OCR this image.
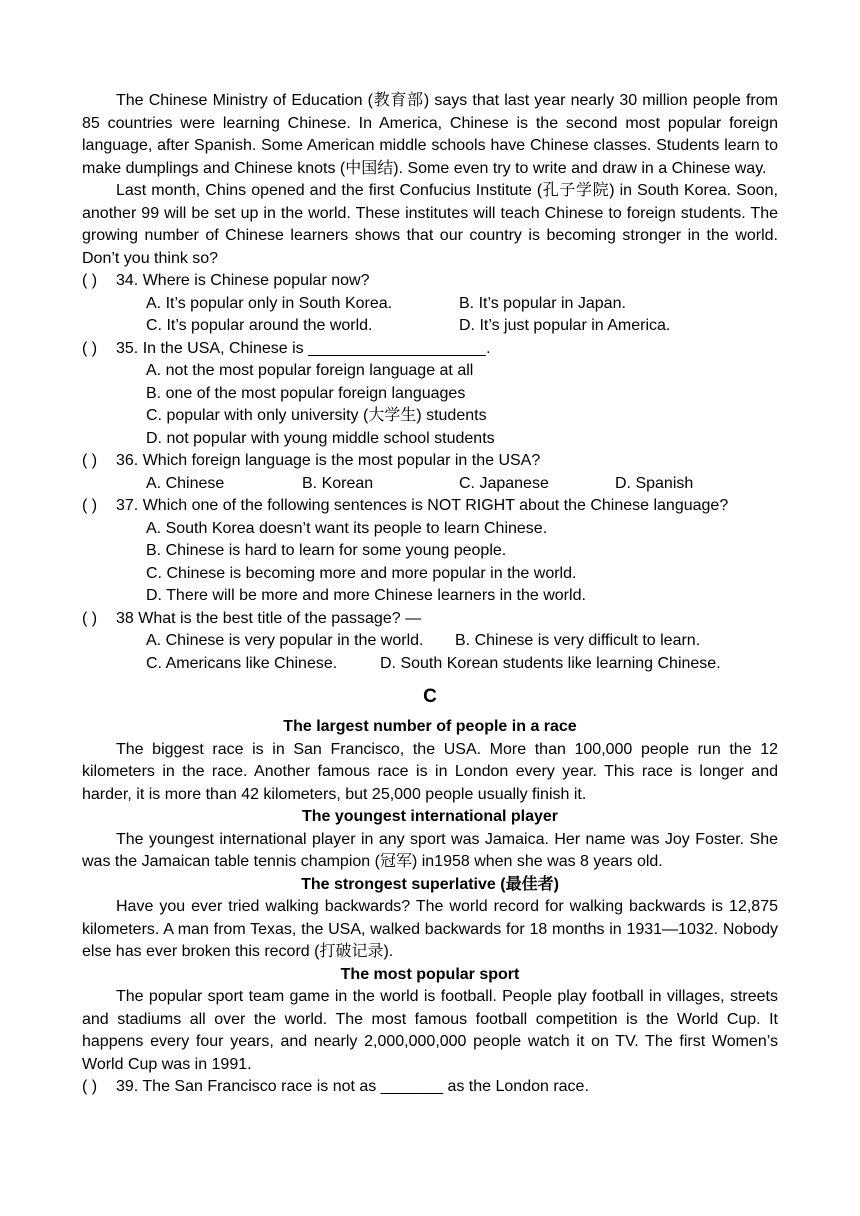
The Chinese Ministry of Education (教育部) says that last year nearly 30 million people from 85 countries were learning Chinese. In America, Chinese is the second most popular foreign language, after Spanish. Some American middle schools have Chinese classes. Students learn to make dumplings and Chinese knots (中国结). Some even try to write and draw in a Chinese way.

Last month, Chins opened and the first Confucius Institute (孔子学院) in South Korea. Soon, another 99 will be set up in the world. These institutes will teach Chinese to foreign students. The growing number of Chinese learners shows that our country is becoming stronger in the world. Don’t you think so?

( ) 34. Where is Chinese popular now?
A. It’s popular only in South Korea.	B. It’s popular in Japan.
C. It’s popular around the world.	D. It’s just popular in America.
( ) 35. In the USA, Chinese is ____________________.
A. not the most popular foreign language at all
B. one of the most popular foreign languages
C. popular with only university (大学生) students
D. not popular with young middle school students
( ) 36. Which foreign language is the most popular in the USA?
A. Chinese	B. Korean	C. Japanese	D. Spanish
( ) 37. Which one of the following sentences is NOT RIGHT about the Chinese language?
A. South Korea doesn’t want its people to learn Chinese.
B. Chinese is hard to learn for some young people.
C. Chinese is becoming more and more popular in the world.
D. There will be more and more Chinese learners in the world.
( ) 38 What is the best title of the passage? —
A. Chinese is very popular in the world. B. Chinese is very difficult to learn.
C. Americans like Chinese.	D. South Korean students like learning Chinese.
C
The largest number of people in a race

The biggest race is in San Francisco, the USA. More than 100,000 people run the 12 kilometers in the race. Another famous race is in London every year. This race is longer and harder, it is more than 42 kilometers, but 25,000 people usually finish it.

The youngest international player

The youngest international player in any sport was Jamaica. Her name was Joy Foster. She was the Jamaican table tennis champion (冠军) in1958 when she was 8 years old.

The strongest superlative (最佳者)

Have you ever tried walking backwards? The world record for walking backwards is 12,875 kilometers. A man from Texas, the USA, walked backwards for 18 months in 1931—1032. Nobody else has ever broken this record (打破记录).

The most popular sport

The popular sport team game in the world is football. People play football in villages, streets and stadiums all over the world. The most famous football competition is the World Cup. It happens every four years, and nearly 2,000,000,000 people watch it on TV. The first Women’s World Cup was in 1991.

( ) 39. The San Francisco race is not as _______ as the London race.
